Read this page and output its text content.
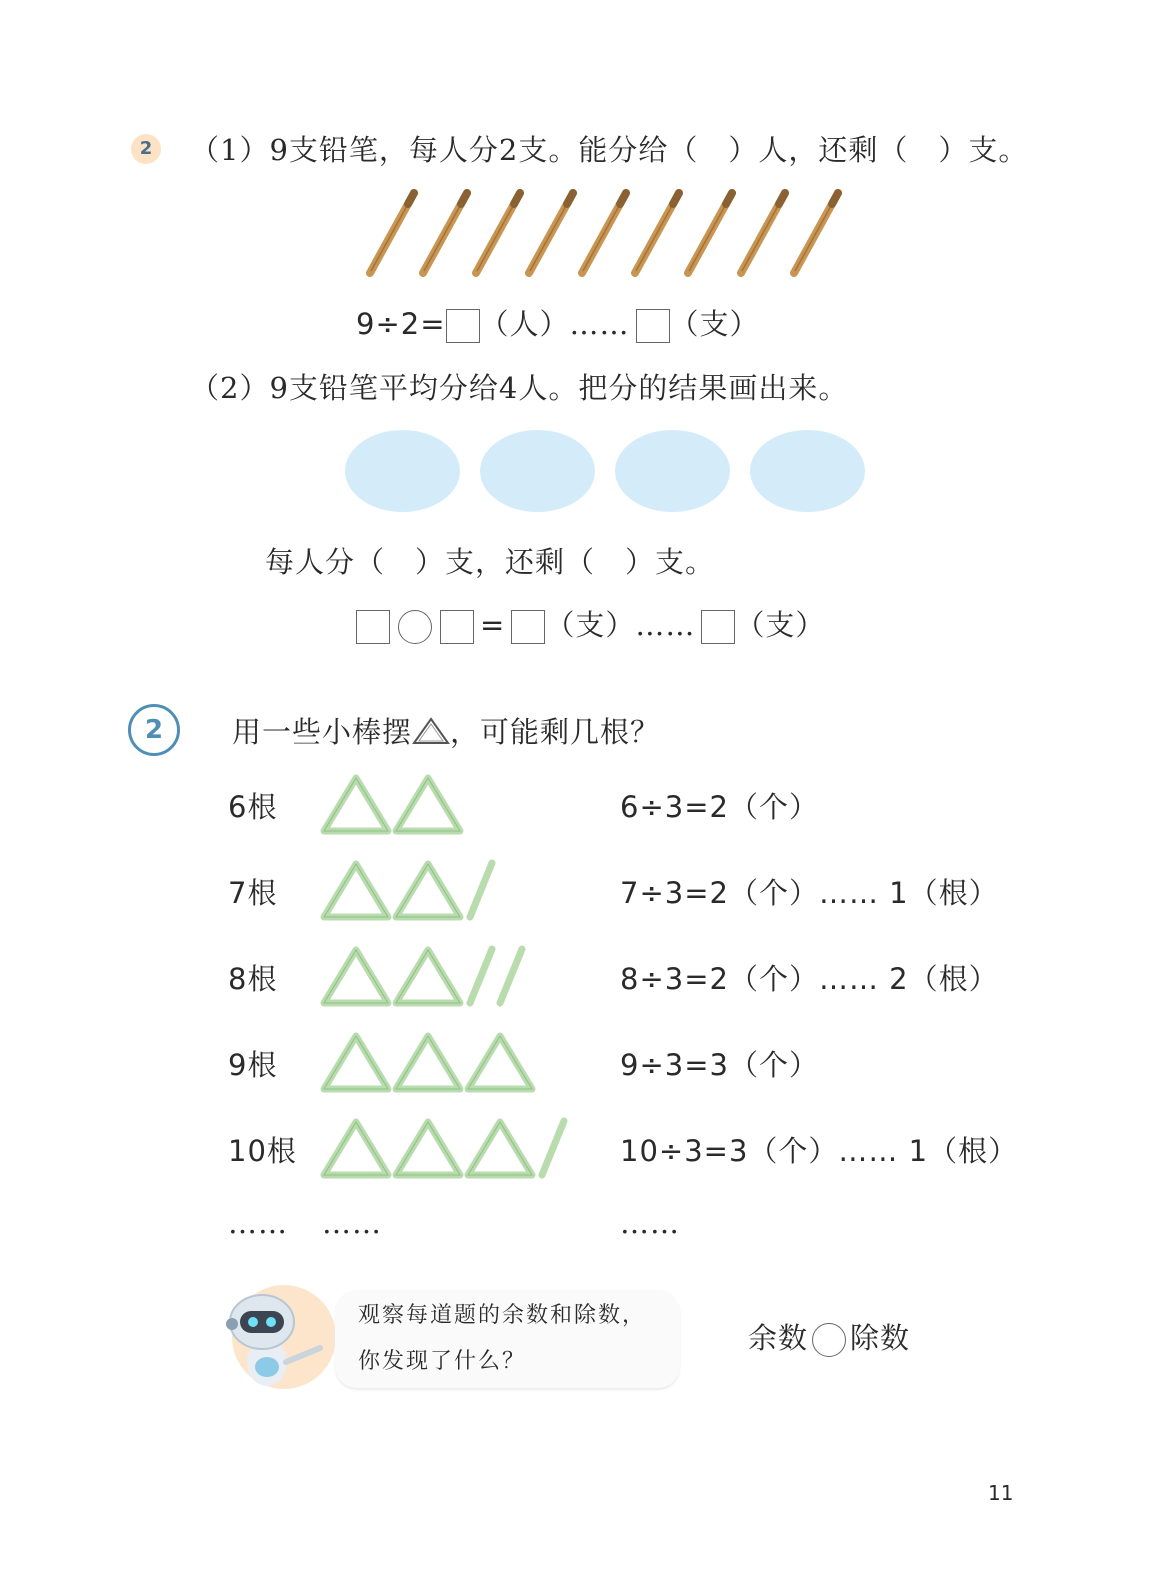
2	（1）9支铅笔，每人分2支。能分给（　）人，还剩（　）支。
9÷2= （人）…… （支）
（2）9支铅笔平均分给4人。把分的结果画出来。
每人分（　）支，还剩（　）支。
= （支）…… （支）
2	用一些小棒摆 ，可能剩几根？
6根	6÷3=2（个）
7根	7÷3=2（个）…… 1（根）
8根	8÷3=2（个）…… 2（根）
9根	9÷3=3（个）
10根	10÷3=3（个）…… 1（根）
…… ……	……
观察每道题的余数和除数，
你发现了什么？
余数 除数
11
